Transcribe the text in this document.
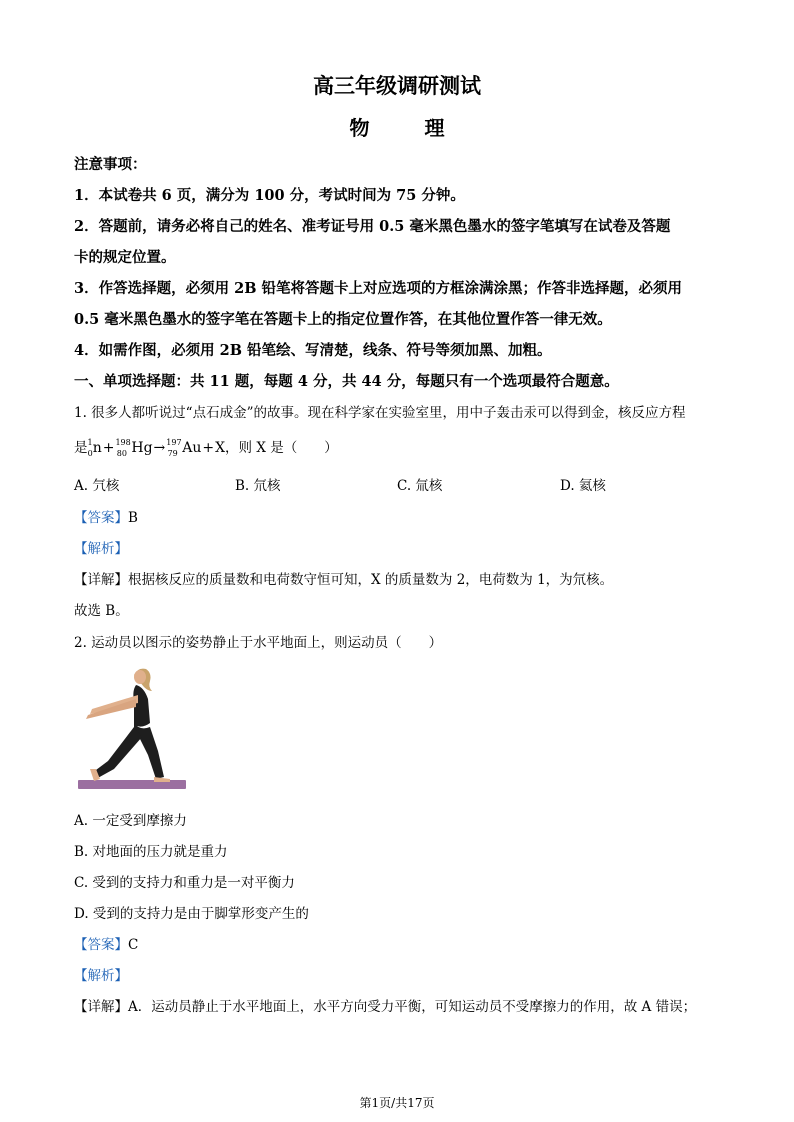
高三年级调研测试
物 理
注意事项：
1．本试卷共 6 页，满分为 100 分，考试时间为 75 分钟。
2．答题前，请务必将自己的姓名、准考证号用 0.5 毫米黑色墨水的签字笔填写在试卷及答题
卡的规定位置。
3．作答选择题，必须用 2B 铅笔将答题卡上对应选项的方框涂满涂黑；作答非选择题，必须用
0.5 毫米黑色墨水的签字笔在答题卡上的指定位置作答，在其他位置作答一律无效。
4．如需作图，必须用 2B 铅笔绘、写清楚，线条、符号等须加黑、加粗。
一、单项选择题：共 11 题，每题 4 分，共 44 分，每题只有一个选项最符合题意。
1. 很多人都听说过“点石成金”的故事。现在科学家在实验室里，用中子轰击汞可以得到金，核反应方程
是$^1_0$n+$^{198}_{80}$ Hg→$^{197}_{79}$ Au+X，则 X 是（　　）
A. 氕核	B. 氘核	C. 氚核	D. 氦核
【答案】B
【解析】
【详解】根据核反应的质量数和电荷数守恒可知，X 的质量数为 2，电荷数为 1，为氘核。
故选 B。
2. 运动员以图示的姿势静止于水平地面上，则运动员（　　）
A. 一定受到摩擦力
B. 对地面的压力就是重力
C. 受到的支持力和重力是一对平衡力
D. 受到的支持力是由于脚掌形变产生的
【答案】C
【解析】
【详解】A．运动员静止于水平地面上，水平方向受力平衡，可知运动员不受摩擦力的作用，故 A 错误；
第1页/共17页
